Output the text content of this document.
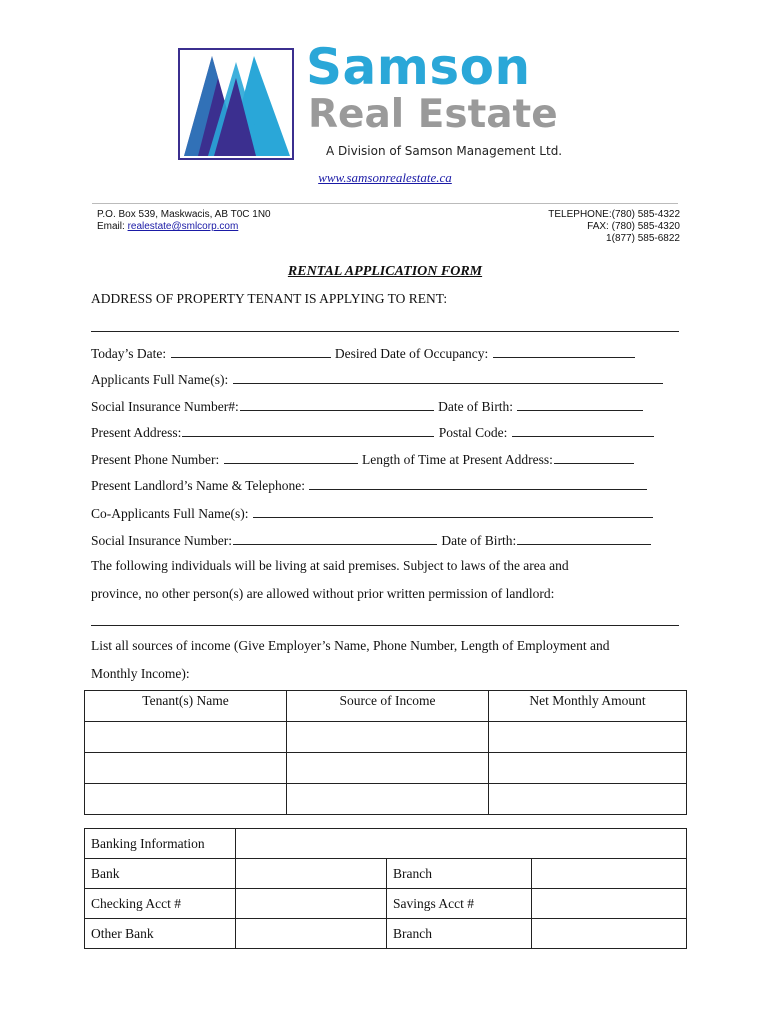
Samson
Real Estate
A Division of Samson Management Ltd.
www.samsonrealestate.ca
P.O. Box 539, Maskwacis, AB T0C 1N0
Email: realestate@smlcorp.com
TELEPHONE:(780) 585-4322
FAX: (780) 585-4320
1(877) 585-6822
RENTAL APPLICATION FORM
ADDRESS OF PROPERTY TENANT IS APPLYING TO RENT:
Today’s Date:	Desired Date of Occupancy:
Applicants Full Name(s):
Social Insurance Number#:	Date of Birth:
Present Address:	Postal Code:
Present Phone Number:	Length of Time at Present Address:
Present Landlord’s Name & Telephone:
Co-Applicants Full Name(s):
Social Insurance Number:	Date of Birth:
The following individuals will be living at said premises. Subject to laws of the area and
province, no other person(s) are allowed without prior written permission of landlord:
List all sources of income (Give Employer’s Name, Phone Number, Length of Employment and
Monthly Income):
Tenant(s) Name	Source of Income	Net Monthly Amount

Banking Information			
Bank		Branch	
Checking Acct #		Savings Acct #	
Other Bank		Branch	
